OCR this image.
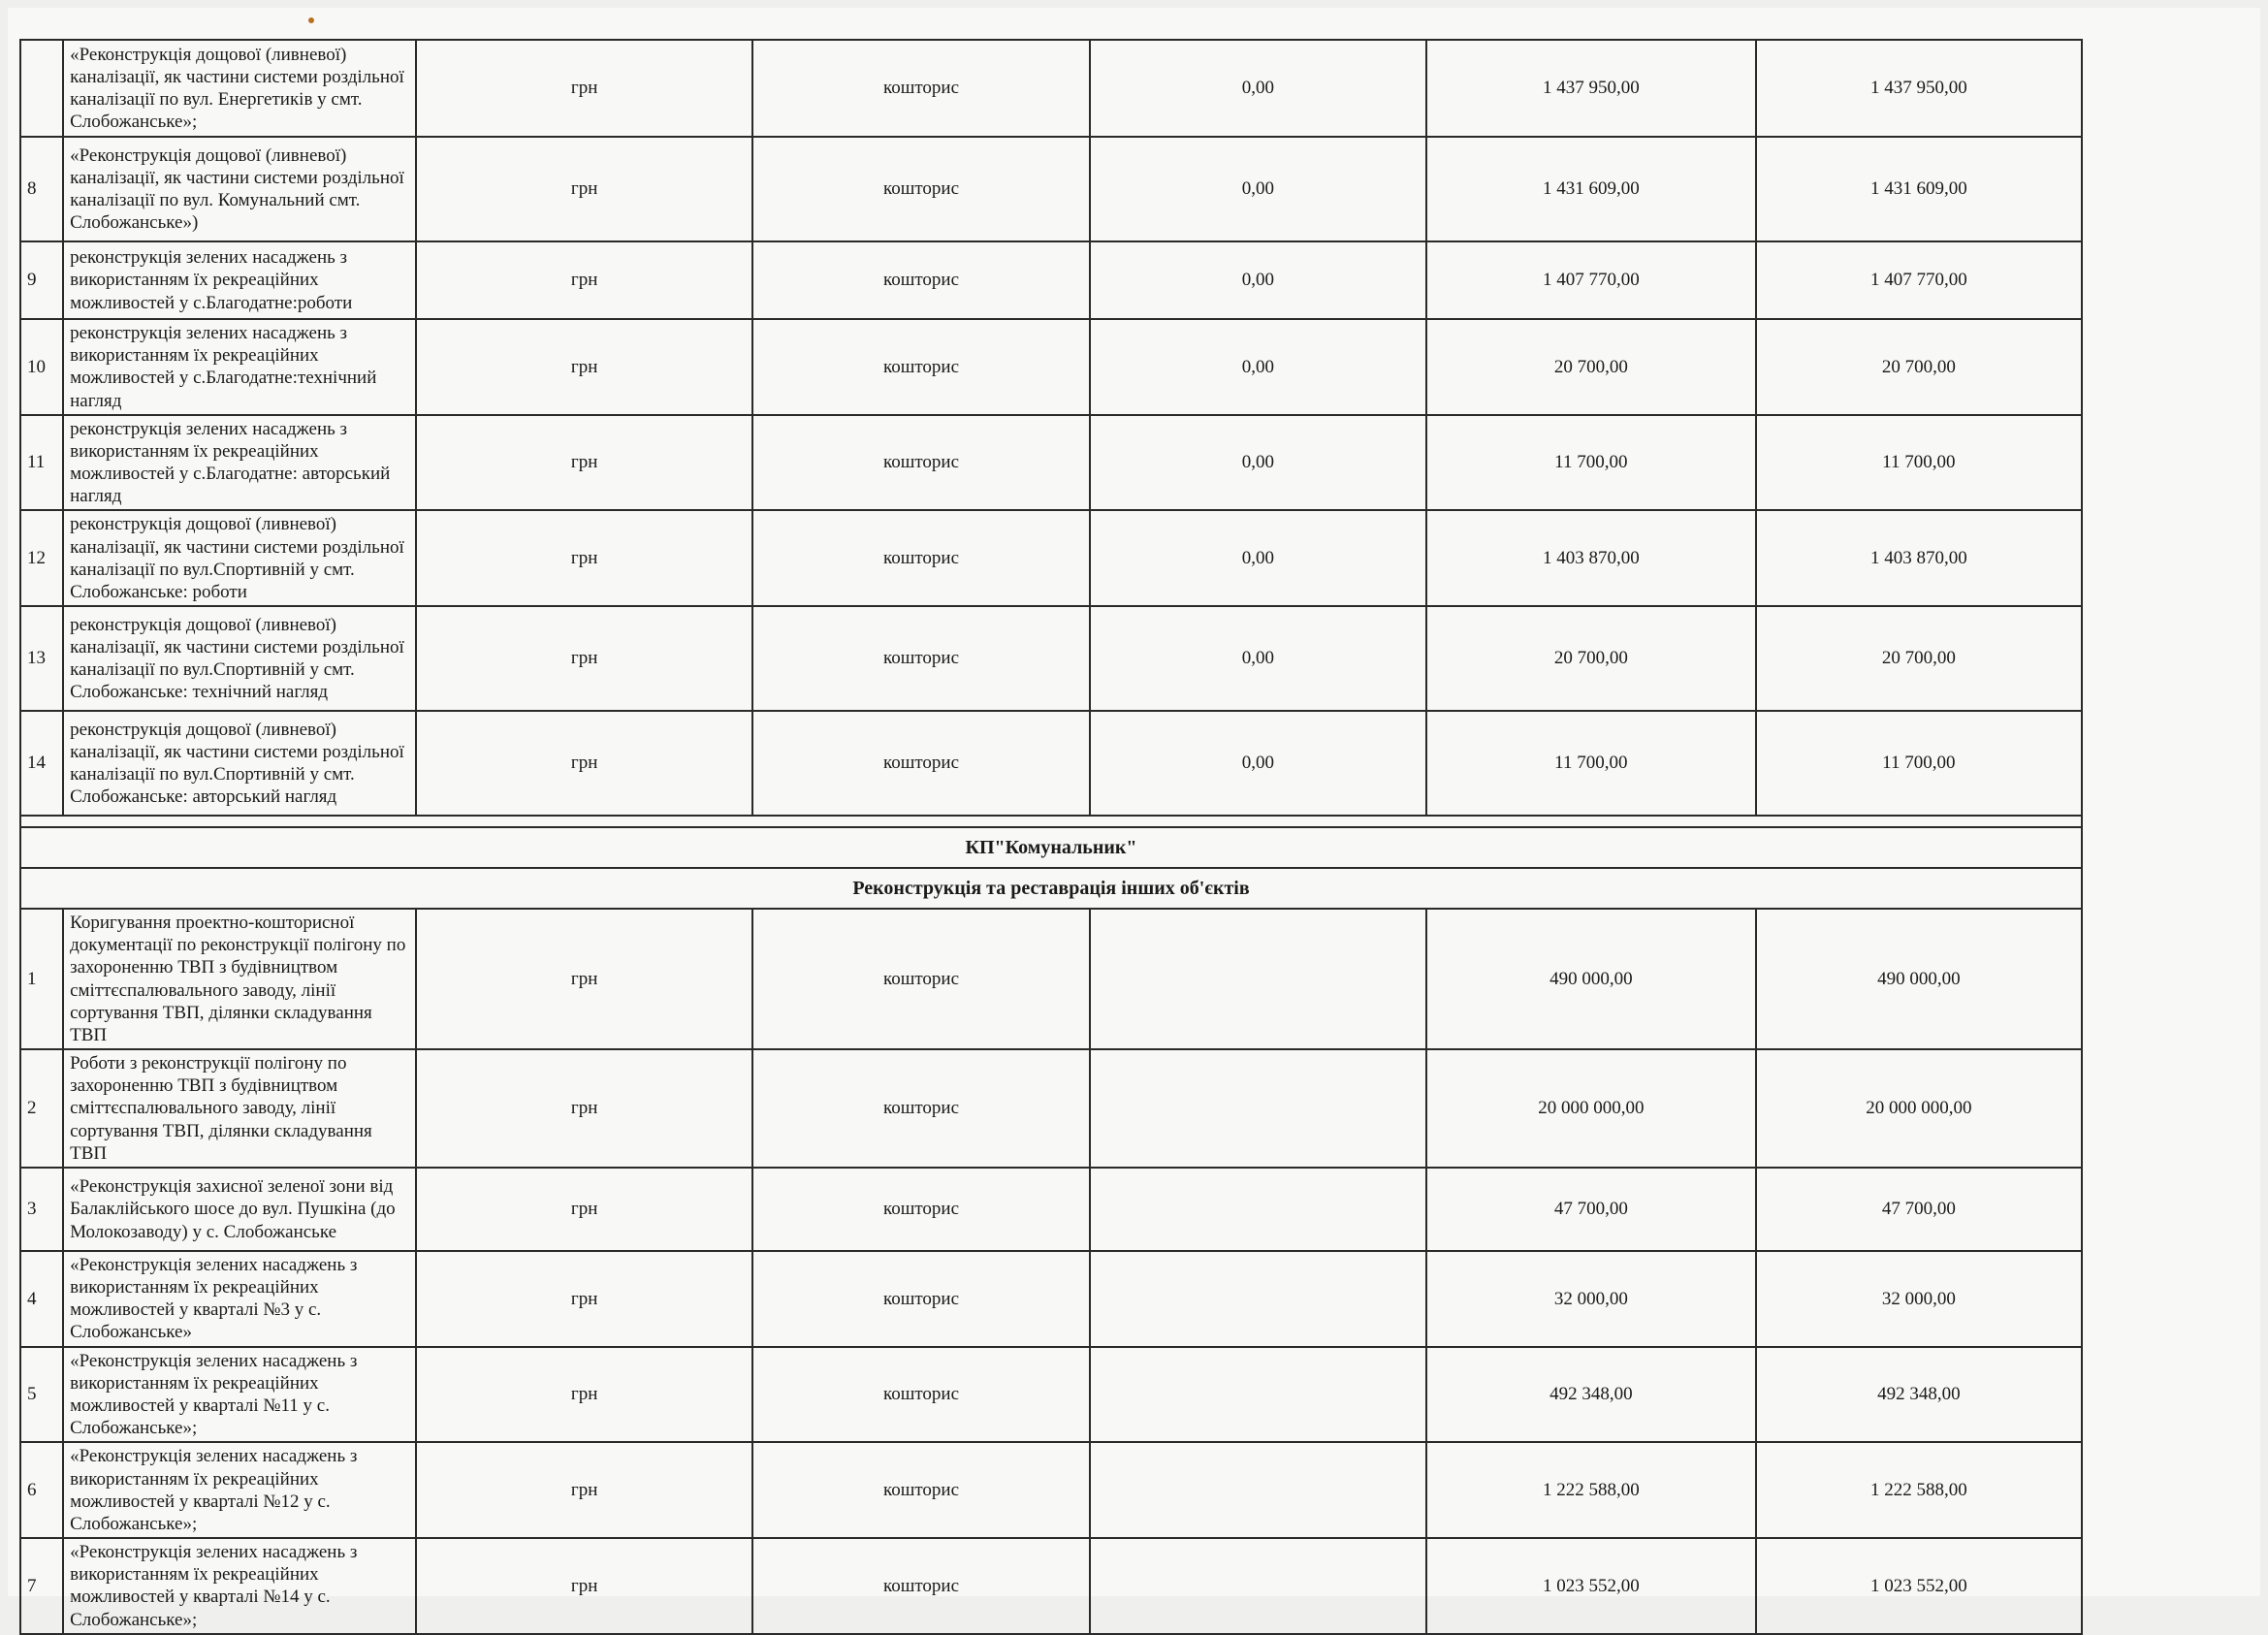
	«Реконструкція дощової (ливневої) каналізації, як частини системи роздільної каналізації по вул. Енергетиків у смт. Слобожанське»;	грн	кошторис	0,00	1 437 950,00	1 437 950,00
8	«Реконструкція дощової (ливневої) каналізації, як частини системи роздільної каналізації по вул. Комунальний смт. Слобожанське»)	грн	кошторис	0,00	1 431 609,00	1 431 609,00
9	реконструкція зелених насаджень з використанням їх рекреаційних можливостей у с.Благодатне:роботи	грн	кошторис	0,00	1 407 770,00	1 407 770,00
10	реконструкція зелених насаджень з використанням їх рекреаційних можливостей у с.Благодатне:технічний нагляд	грн	кошторис	0,00	20 700,00	20 700,00
11	реконструкція зелених насаджень з використанням їх рекреаційних можливостей у с.Благодатне: авторський нагляд	грн	кошторис	0,00	11 700,00	11 700,00
12	реконструкція дощової (ливневої) каналізації, як частини системи роздільної каналізації по вул.Спортивній у смт. Слобожанське: роботи	грн	кошторис	0,00	1 403 870,00	1 403 870,00
13	реконструкція дощової (ливневої) каналізації, як частини системи роздільної каналізації по вул.Спортивній у смт. Слобожанське: технічний нагляд	грн	кошторис	0,00	20 700,00	20 700,00
14	реконструкція дощової (ливневої) каналізації, як частини системи роздільної каналізації по вул.Спортивній у смт. Слобожанське: авторський нагляд	грн	кошторис	0,00	11 700,00	11 700,00

КП"Комунальник"						
Реконструкція та реставрація інших об'єктів						
1	Коригування проектно-кошторисної документації по реконструкції полігону по захороненню ТВП з будівництвом сміттєспалювального заводу, лінії сортування ТВП, ділянки складування ТВП	грн	кошторис		490 000,00	490 000,00
2	Роботи з реконструкції полігону по захороненню ТВП з будівництвом сміттєспалювального заводу, лінії сортування ТВП, ділянки складування ТВП	грн	кошторис		20 000 000,00	20 000 000,00
3	«Реконструкція захисної зеленої зони від Балаклійського шосе до вул. Пушкіна (до Молокозаводу) у с. Слобожанське	грн	кошторис		47 700,00	47 700,00
4	«Реконструкція зелених насаджень з використанням їх рекреаційних можливостей у кварталі №3 у с. Слобожанське»	грн	кошторис		32 000,00	32 000,00
5	«Реконструкція зелених насаджень з використанням їх рекреаційних можливостей у кварталі №11 у с. Слобожанське»;	грн	кошторис		492 348,00	492 348,00
6	«Реконструкція зелених насаджень з використанням їх рекреаційних можливостей у кварталі №12 у с. Слобожанське»;	грн	кошторис		1 222 588,00	1 222 588,00
7	«Реконструкція зелених насаджень з використанням їх рекреаційних можливостей у кварталі №14 у с. Слобожанське»;	грн	кошторис		1 023 552,00	1 023 552,00
